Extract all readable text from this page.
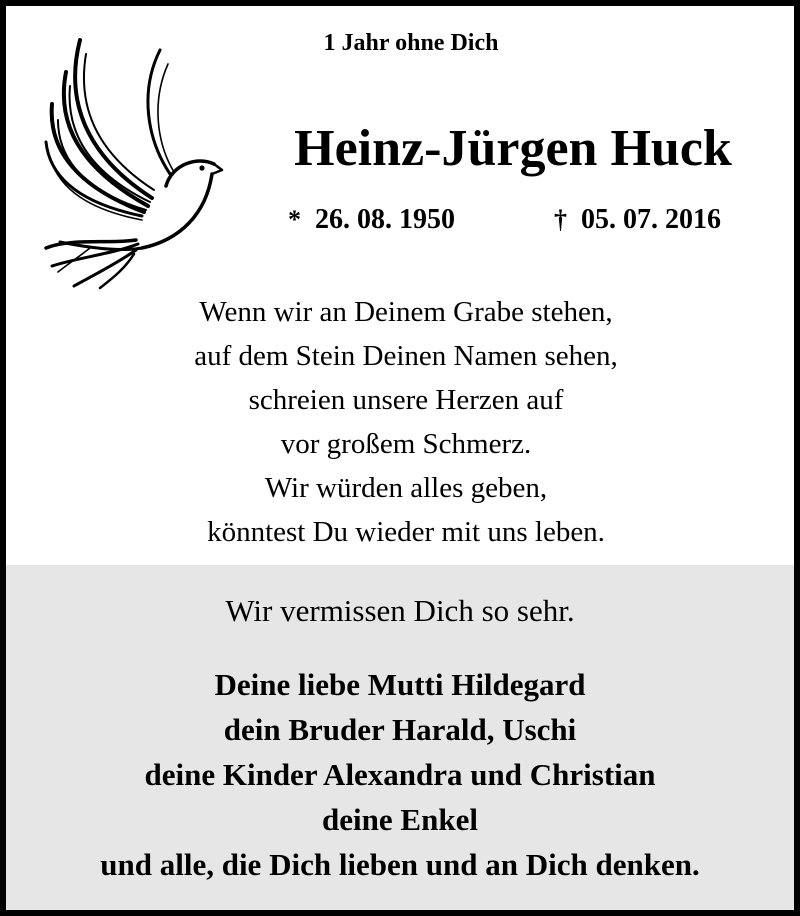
1 Jahr ohne Dich
Heinz-Jürgen Huck
* 26. 08. 1950	† 05. 07. 2016
Wenn wir an Deinem Grabe stehen,
auf dem Stein Deinen Namen sehen,
schreien unsere Herzen auf
vor großem Schmerz.
Wir würden alles geben,
könntest Du wieder mit uns leben.
Wir vermissen Dich so sehr.
Deine liebe Mutti Hildegard
dein Bruder Harald, Uschi
deine Kinder Alexandra und Christian
deine Enkel
und alle, die Dich lieben und an Dich denken.
